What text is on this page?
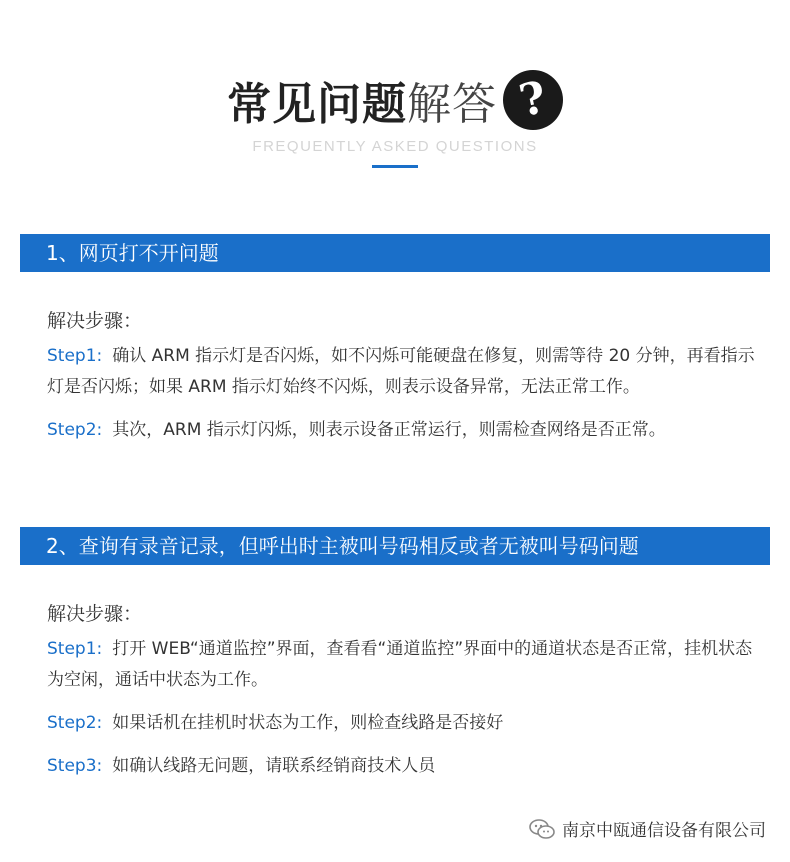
常见问题 解答 ?
FREQUENTLY ASKED QUESTIONS
1、网页打不开问题
解决步骤：
Step1: 确认 ARM 指示灯是否闪烁，如不闪烁可能硬盘在修复，则需等待 20 分钟，再看指示灯是否闪烁；如果 ARM 指示灯始终不闪烁，则表示设备异常，无法正常工作。
Step2: 其次，ARM 指示灯闪烁，则表示设备正常运行，则需检查网络是否正常。
2、查询有录音记录，但呼出时主被叫号码相反或者无被叫号码问题
解决步骤：
Step1: 打开 WEB“通道监控”界面，查看看“通道监控”界面中的通道状态是否正常，挂机状态为空闲，通话中状态为工作。
Step2: 如果话机在挂机时状态为工作，则检查线路是否接好
Step3: 如确认线路无问题，请联系经销商技术人员
南京中瓯通信设备有限公司
